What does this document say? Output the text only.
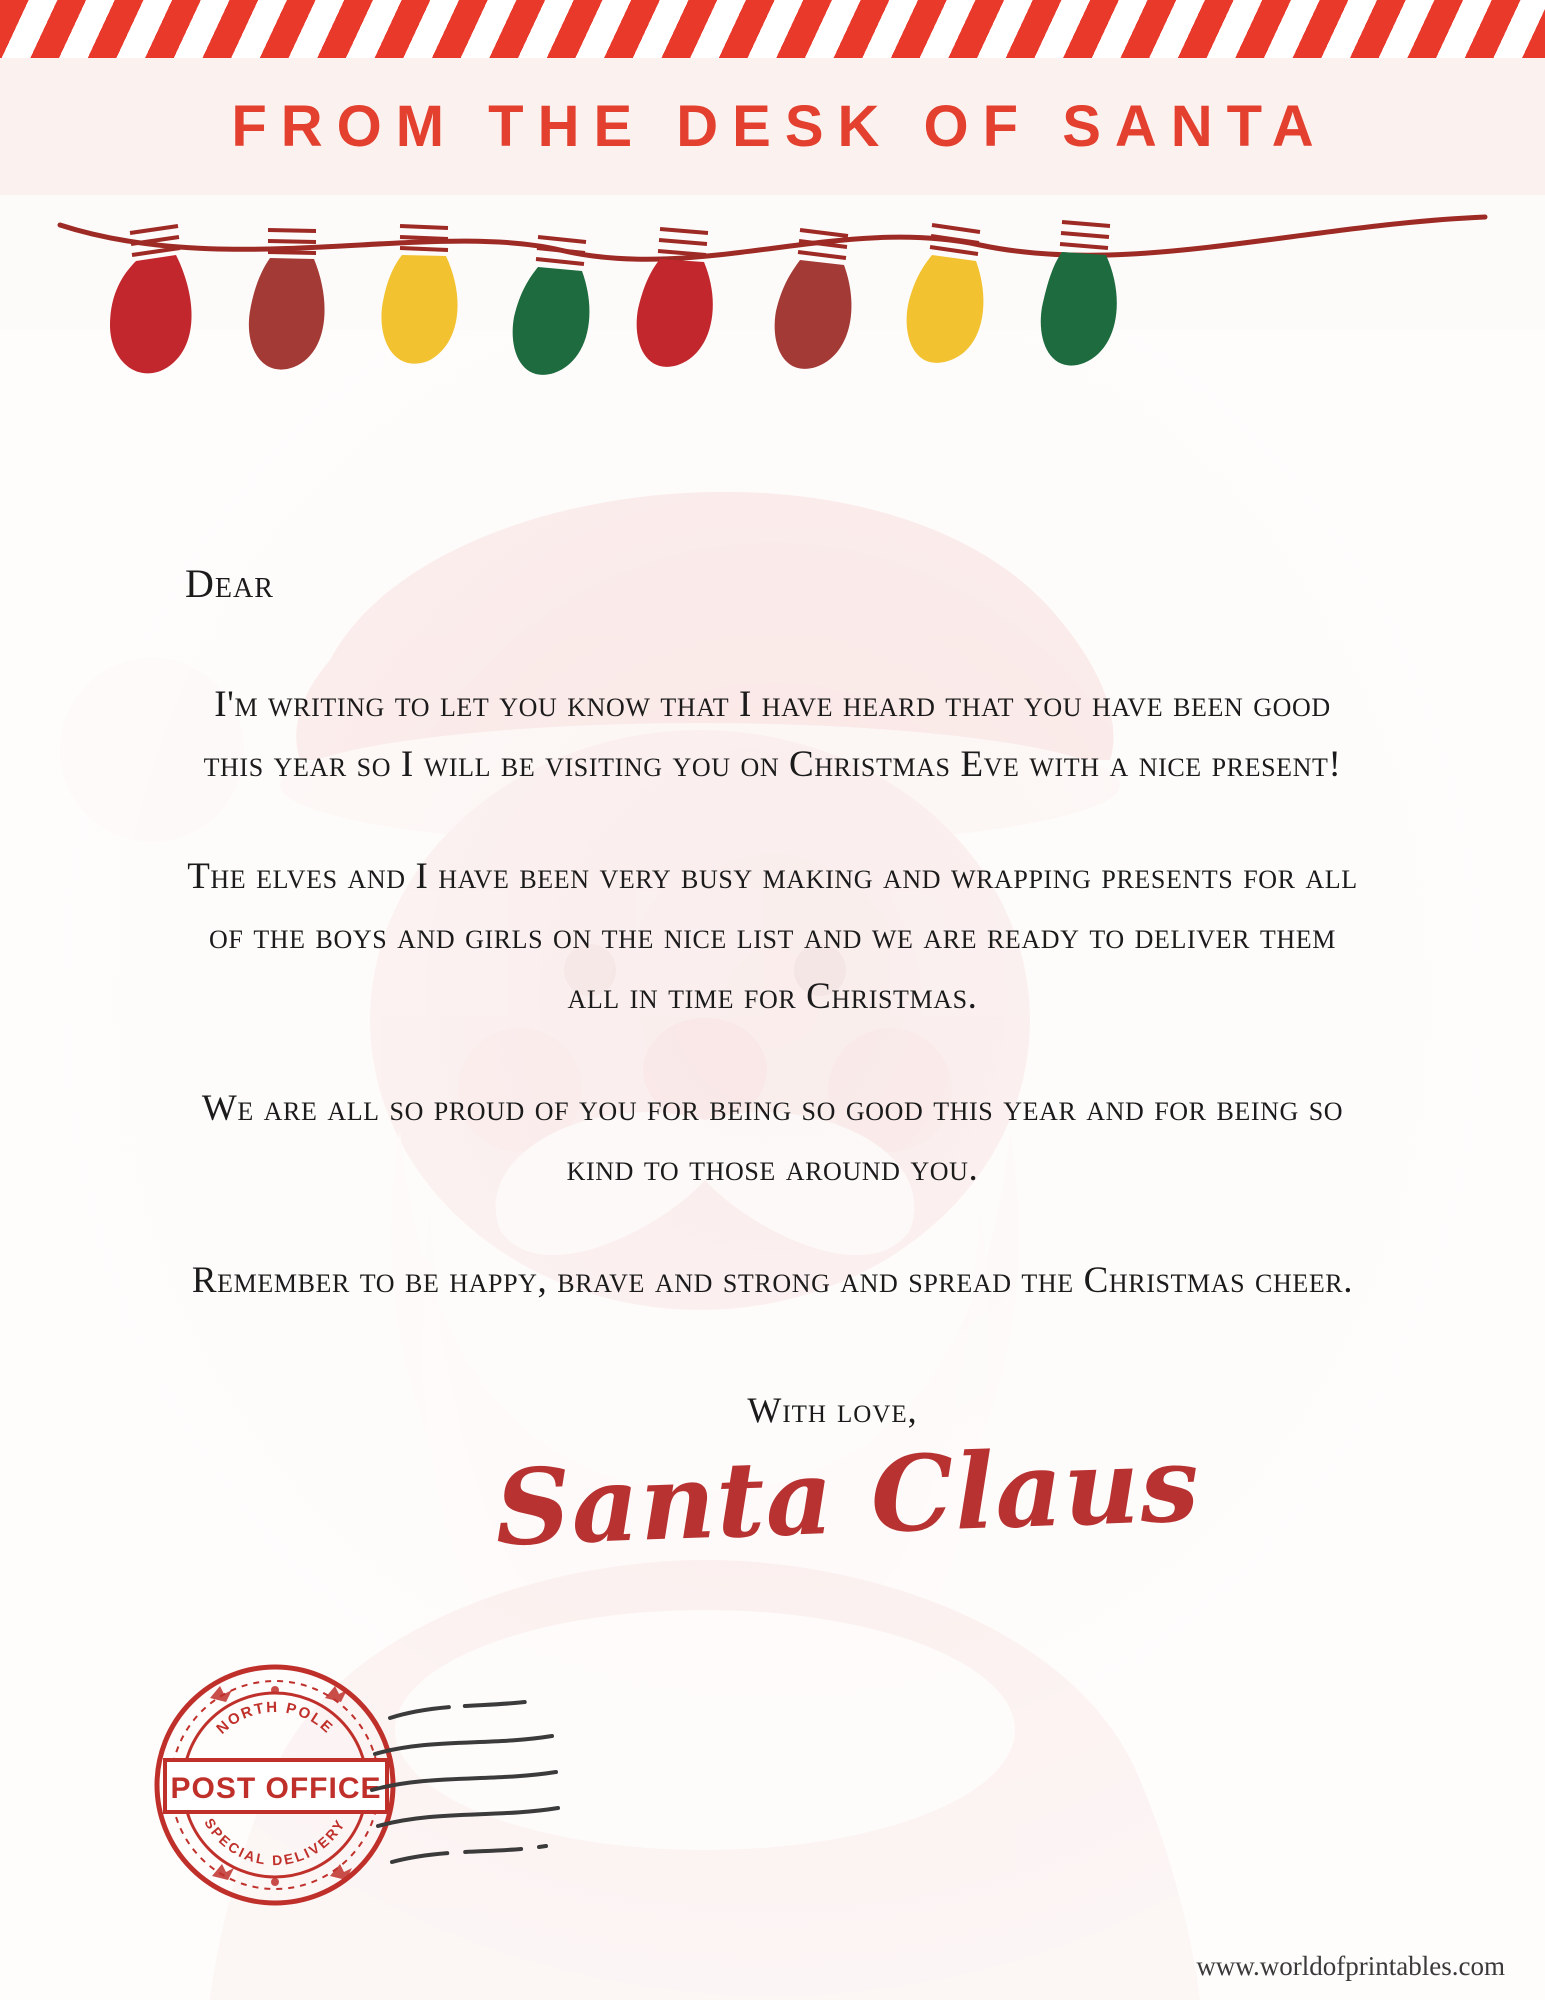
FROM THE DESK OF SANTA
Dear
I'm writing to let you know that I have heard that you have been good this year so I will be visiting you on Christmas Eve with a nice present!
The elves and I have been very busy making and wrapping presents for all of the boys and girls on the nice list and we are ready to deliver them all in time for Christmas.
We are all so proud of you for being so good this year and for being so kind to those around you.
Remember to be happy, brave and strong and spread the Christmas cheer.
With love,
Santa Claus
NORTH POLE
SPECIAL DELIVERY
POST OFFICE
www.worldofprintables.com
